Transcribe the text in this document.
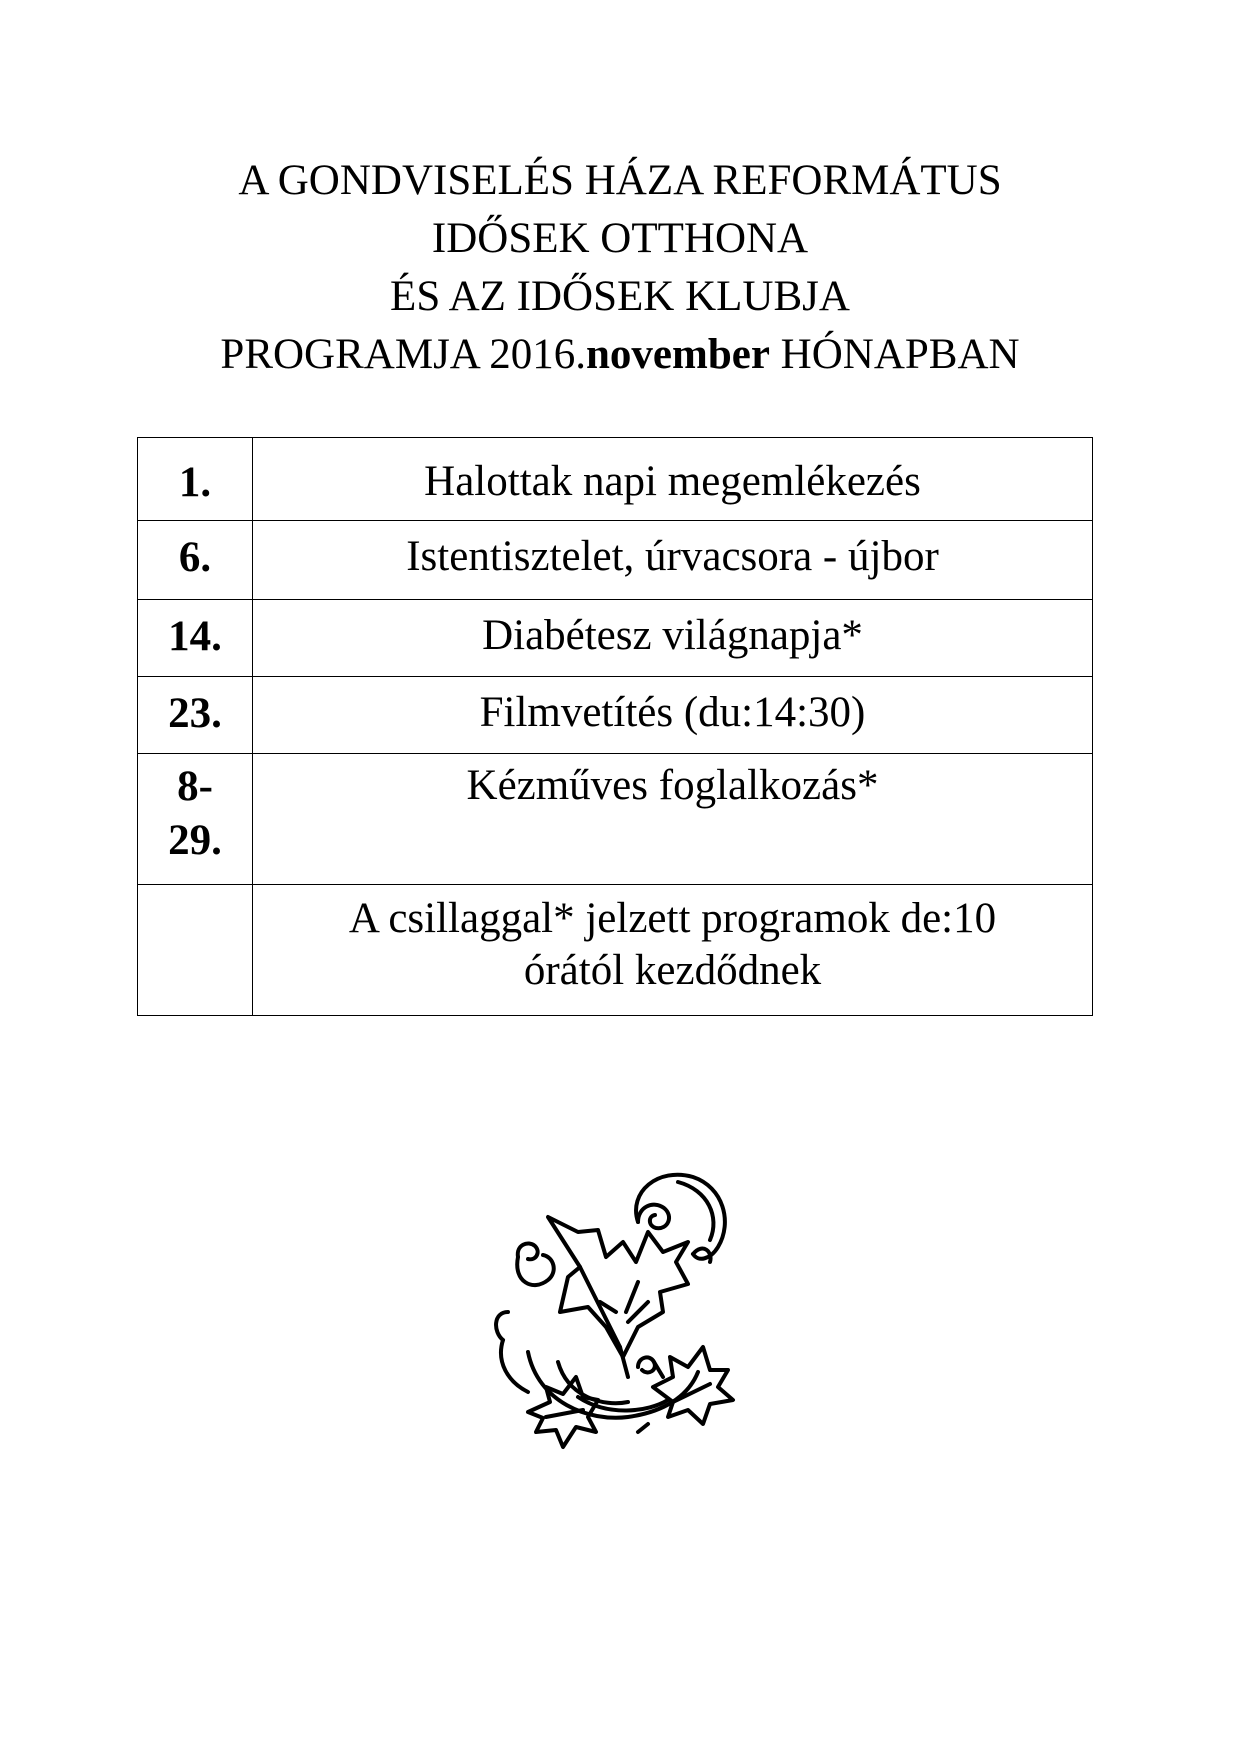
A GONDVISELÉS HÁZA REFORMÁTUS
IDŐSEK OTTHONA
ÉS AZ IDŐSEK KLUBJA
PROGRAMJA 2016.november HÓNAPBAN
1.	Halottak napi megemlékezés
6.	Istentisztelet, úrvacsora - újbor
14.	Diabétesz világnapja*
23.	Filmvetítés (du:14:30)

8-
29.	Kézműves foglalkozás*

	A csillaggal* jelzett programok de:10
órától kezdődnek
